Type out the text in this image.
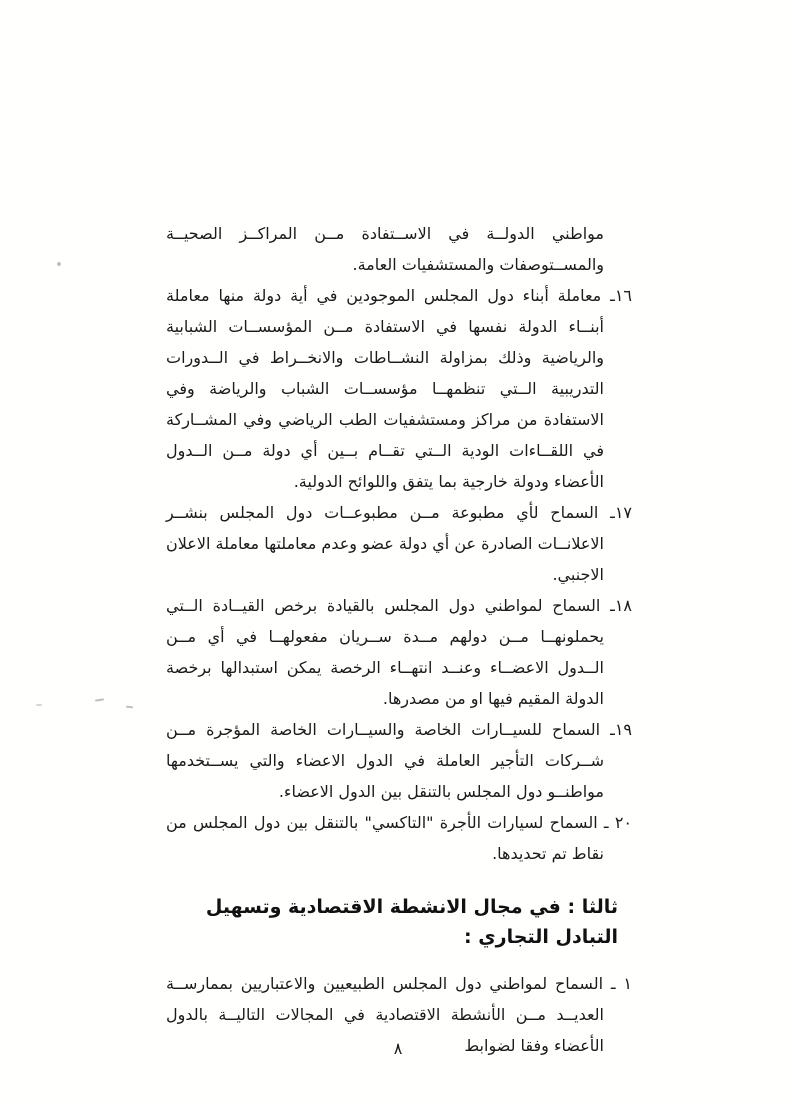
مواطني الدولــة في الاســتفادة مــن المراكــز الصحيــة والمســتوصفات والمستشفيات العامة.

١٦ـ معاملة أبناء دول المجلس الموجودين في أية دولة منها معاملة أبنــاء الدولة نفسها في الاستفادة مــن المؤسســات الشبابية والرياضية وذلك بمزاولة النشــاطات والانخــراط في الــدورات التدريبية الــتي تنظمهــا مؤسســات الشباب والرياضة وفي الاستفادة من مراكز ومستشفيات الطب الرياضي وفي المشــاركة في اللقــاءات الودية الــتي تقــام بــين أي دولة مــن الــدول الأعضاء ودولة خارجية بما يتفق واللوائح الدولية.

١٧ـ السماح لأي مطبوعة مــن مطبوعــات دول المجلس بنشــر الاعلانــات الصادرة عن أي دولة عضو وعدم معاملتها معاملة الاعلان الاجنبي.

١٨ـ السماح لمواطني دول المجلس بالقيادة برخص القيــادة الــتي يحملونهــا مــن دولهم مــدة ســريان مفعولهــا في أي مــن الــدول الاعضــاء وعنــد انتهــاء الرخصة يمكن استبدالها برخصة الدولة المقيم فيها او من مصدرها.

١٩ـ السماح للسيــارات الخاصة والسيــارات الخاصة المؤجرة مــن شــركات التأجير العاملة في الدول الاعضاء والتي يســتخدمها مواطنــو دول المجلس بالتنقل بين الدول الاعضاء.

٢٠ ـ السماح لسيارات الأجرة "التاكسي" بالتنقل بين دول المجلس من نقاط تم تحديدها.

ثالثا : في مجال الانشطة الاقتصادية وتسهيل التبادل التجاري :

١ ـ السماح لمواطني دول المجلس الطبيعيين والاعتباريين بممارســة العديــد مــن الأنشطة الاقتصادية في المجالات التاليــة بالدول الأعضاء وفقا لضوابط

٨
